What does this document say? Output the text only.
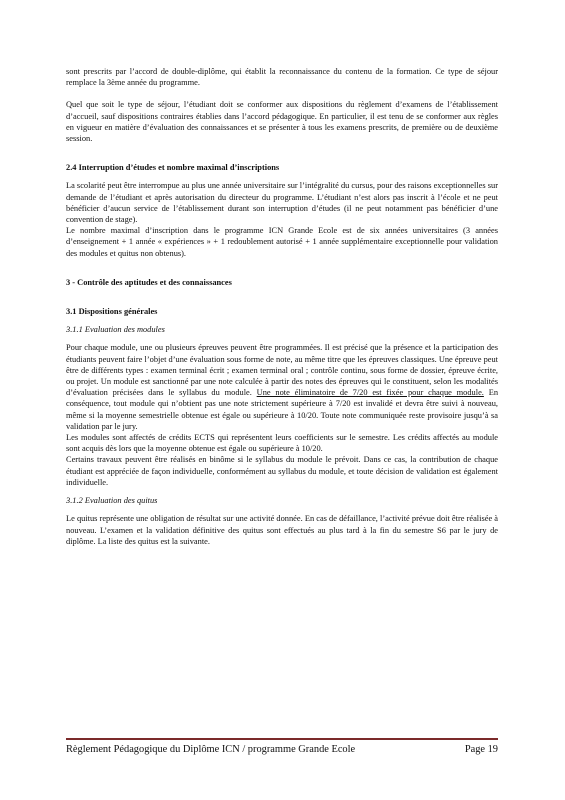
sont prescrits par l’accord de double-diplôme, qui établit la reconnaissance du contenu de la formation. Ce type de séjour remplace la 3ème année du programme.

Quel que soit le type de séjour, l’étudiant doit se conformer aux dispositions du règlement d’examens de l’établissement d’accueil, sauf dispositions contraires établies dans l’accord pédagogique. En particulier, il est tenu de se conformer aux règles en vigueur en matière d’évaluation des connaissances et se présenter à tous les examens prescrits, de première ou de deuxième session.

2.4 Interruption d’études et nombre maximal d’inscriptions

La scolarité peut être interrompue au plus une année universitaire sur l’intégralité du cursus, pour des raisons exceptionnelles sur demande de l’étudiant et après autorisation du directeur du programme. L’étudiant n’est alors pas inscrit à l’école et ne peut bénéficier d’aucun service de l’établissement durant son interruption d’études (il ne peut notamment pas bénéficier d’une convention de stage).

Le nombre maximal d’inscription dans le programme ICN Grande Ecole est de six années universitaires (3 années d’enseignement + 1 année « expériences » + 1 redoublement autorisé + 1 année supplémentaire exceptionnelle pour validation des modules et quitus non obtenus).

3 - Contrôle des aptitudes et des connaissances
3.1 Dispositions générales
3.1.1 Evaluation des modules

Pour chaque module, une ou plusieurs épreuves peuvent être programmées. Il est précisé que la présence et la participation des étudiants peuvent faire l’objet d’une évaluation sous forme de note, au même titre que les épreuves classiques. Une épreuve peut être de différents types : examen terminal écrit ; examen terminal oral ; contrôle continu, sous forme de dossier, épreuve écrite, ou projet. Un module est sanctionné par une note calculée à partir des notes des épreuves qui le constituent, selon les modalités d’évaluation précisées dans le syllabus du module. Une note éliminatoire de 7/20 est fixée pour chaque module. En conséquence, tout module qui n’obtient pas une note strictement supérieure à 7/20 est invalidé et devra être suivi à nouveau, même si la moyenne semestrielle obtenue est égale ou supérieure à 10/20. Toute note communiquée reste provisoire jusqu’à sa validation par le jury.

Les modules sont affectés de crédits ECTS qui représentent leurs coefficients sur le semestre. Les crédits affectés au module sont acquis dès lors que la moyenne obtenue est égale ou supérieure à 10/20.

Certains travaux peuvent être réalisés en binôme si le syllabus du module le prévoit. Dans ce cas, la contribution de chaque étudiant est appréciée de façon individuelle, conformément au syllabus du module, et toute décision de validation est également individuelle.

3.1.2 Evaluation des quitus

Le quitus représente une obligation de résultat sur une activité donnée. En cas de défaillance, l’activité prévue doit être réalisée à nouveau. L’examen et la validation définitive des quitus sont effectués au plus tard à la fin du semestre S6 par le jury de diplôme. La liste des quitus est la suivante.

Règlement Pédagogique du Diplôme ICN / programme Grande Ecole	Page 19
